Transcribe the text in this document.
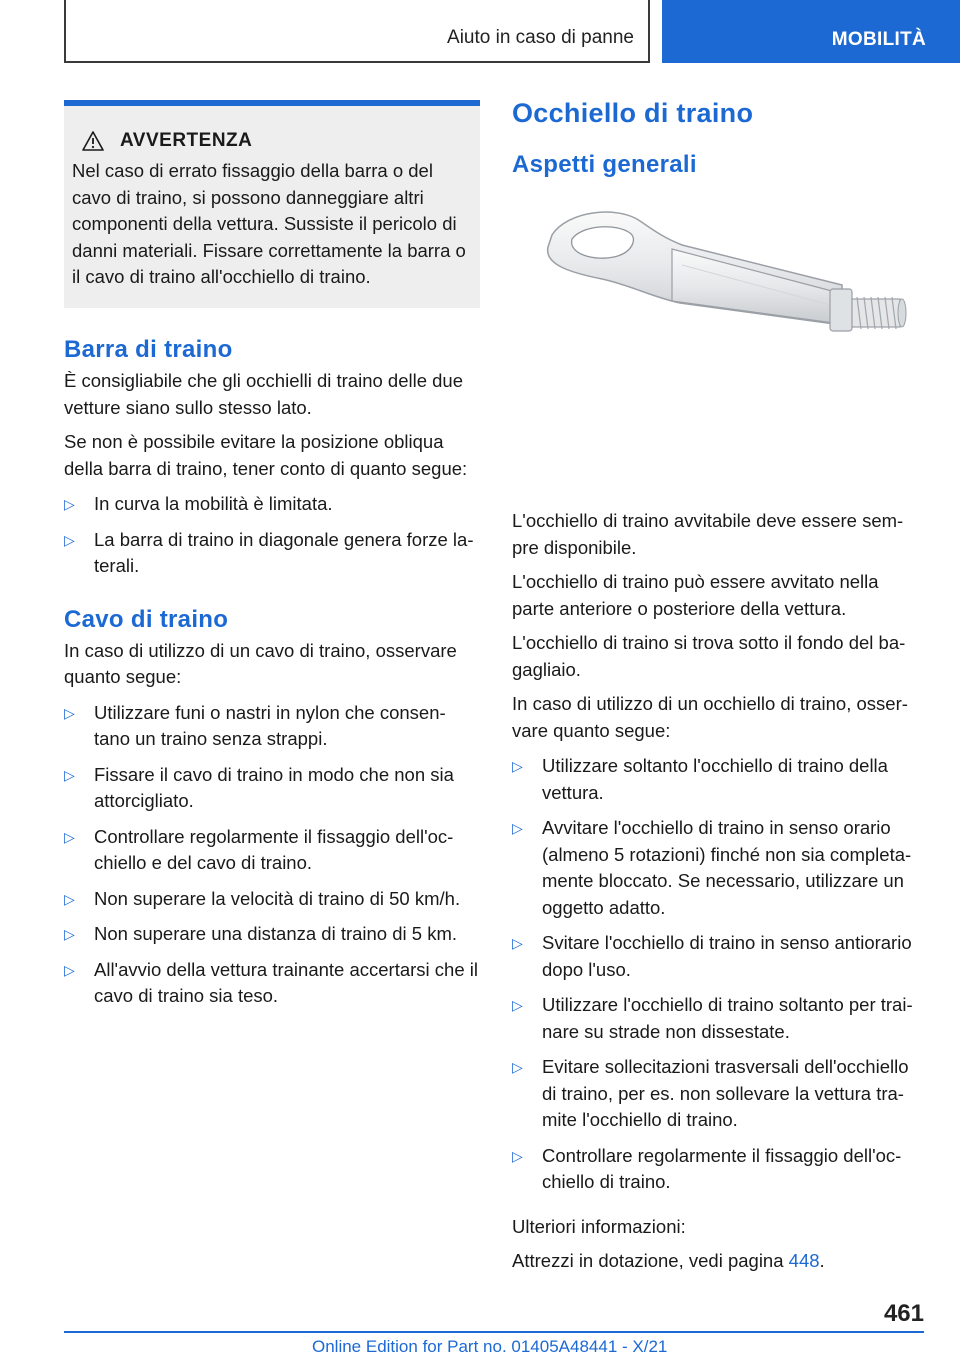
Aiuto in caso di panne	MOBILITÀ
AVVERTENZA

Nel caso di errato fissaggio della barra o del cavo di traino, si possono danneggiare altri componenti della vettura. Sussiste il pericolo di danni materiali. Fissare correttamente la barra o il cavo di traino all'occhiello di traino.

Barra di traino

È consigliabile che gli occhielli di traino delle due vetture siano sullo stesso lato.

Se non è possibile evitare la posizione obliqua della barra di traino, tener conto di quanto segue:

▷ In curva la mobilità è limitata.
▷ La barra di traino in diagonale genera forze la-terali.
Cavo di traino

In caso di utilizzo di un cavo di traino, osservare quanto segue:

▷ Utilizzare funi o nastri in nylon che consen-tano un traino senza strappi.
▷ Fissare il cavo di traino in modo che non sia attorcigliato.
▷ Controllare regolarmente il fissaggio dell'oc-chiello e del cavo di traino.
▷ Non superare la velocità di traino di 50 km/h.
▷ Non superare una distanza di traino di 5 km.
▷ All'avvio della vettura trainante accertarsi che il cavo di traino sia teso.
Occhiello di traino
Aspetti generali

L'occhiello di traino avvitabile deve essere sem-pre disponibile.

L'occhiello di traino può essere avvitato nella parte anteriore o posteriore della vettura.

L'occhiello di traino si trova sotto il fondo del ba-gagliaio.

In caso di utilizzo di un occhiello di traino, osser-vare quanto segue:

▷ Utilizzare soltanto l'occhiello di traino della vettura.
▷ Avvitare l'occhiello di traino in senso orario (almeno 5 rotazioni) finché non sia completa-mente bloccato. Se necessario, utilizzare un oggetto adatto.
▷ Svitare l'occhiello di traino in senso antiorario dopo l'uso.
▷ Utilizzare l'occhiello di traino soltanto per trai-nare su strade non dissestate.
▷ Evitare sollecitazioni trasversali dell'occhiello di traino, per es. non sollevare la vettura tra-mite l'occhiello di traino.
▷ Controllare regolarmente il fissaggio dell'oc-chiello di traino.

Ulteriori informazioni:

Attrezzi in dotazione, vedi pagina 448.

461
Online Edition for Part no. 01405A48441 - X/21
